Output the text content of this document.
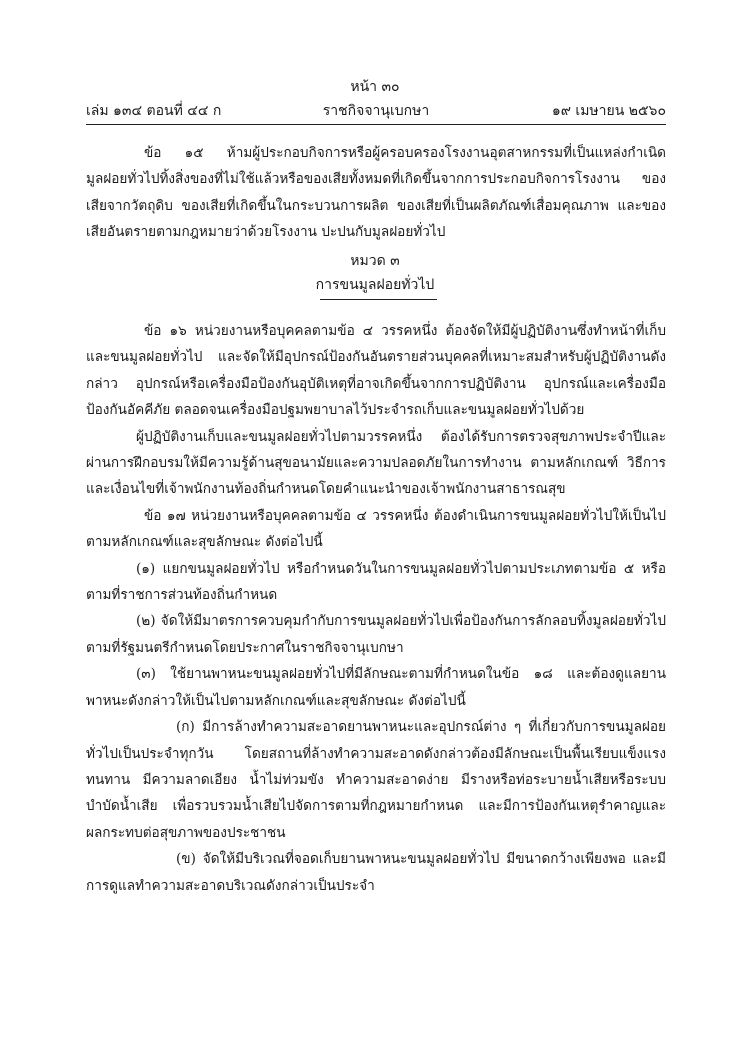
หน้า ๓๐
ราชกิจจานุเบกษา
เล่ม ๑๓๔ ตอนที่ ๔๔ ก	๑๙ เมษายน ๒๕๖๐

ข้อ ๑๕ ห้ามผู้ประกอบกิจการหรือผู้ครอบครองโรงงานอุตสาหกรรมที่เป็นแหล่งกำเนิดมูลฝอยทั่วไปทิ้งสิ่งของที่ไม่ใช้แล้วหรือของเสียทั้งหมดที่เกิดขึ้นจากการประกอบกิจการโรงงาน ของเสียจากวัตถุดิบ ของเสียที่เกิดขึ้นในกระบวนการผลิต ของเสียที่เป็นผลิตภัณฑ์เสื่อมคุณภาพ และของเสียอันตรายตามกฎหมายว่าด้วยโรงงาน ปะปนกับมูลฝอยทั่วไป

หมวด ๓
การขนมูลฝอยทั่วไป

ข้อ ๑๖ หน่วยงานหรือบุคคลตามข้อ ๔ วรรคหนึ่ง ต้องจัดให้มีผู้ปฏิบัติงานซึ่งทำหน้าที่เก็บและขนมูลฝอยทั่วไป และจัดให้มีอุปกรณ์ป้องกันอันตรายส่วนบุคคลที่เหมาะสมสำหรับผู้ปฏิบัติงานดังกล่าว อุปกรณ์หรือเครื่องมือป้องกันอุบัติเหตุที่อาจเกิดขึ้นจากการปฏิบัติงาน อุปกรณ์และเครื่องมือป้องกันอัคคีภัย ตลอดจนเครื่องมือปฐมพยาบาลไว้ประจำรถเก็บและขนมูลฝอยทั่วไปด้วย

ผู้ปฏิบัติงานเก็บและขนมูลฝอยทั่วไปตามวรรคหนึ่ง ต้องได้รับการตรวจสุขภาพประจำปีและผ่านการฝึกอบรมให้มีความรู้ด้านสุขอนามัยและความปลอดภัยในการทำงาน ตามหลักเกณฑ์ วิธีการและเงื่อนไขที่เจ้าพนักงานท้องถิ่นกำหนดโดยคำแนะนำของเจ้าพนักงานสาธารณสุข

ข้อ ๑๗ หน่วยงานหรือบุคคลตามข้อ ๔ วรรคหนึ่ง ต้องดำเนินการขนมูลฝอยทั่วไปให้เป็นไปตามหลักเกณฑ์และสุขลักษณะ ดังต่อไปนี้

(๑) แยกขนมูลฝอยทั่วไป หรือกำหนดวันในการขนมูลฝอยทั่วไปตามประเภทตามข้อ ๕ หรือตามที่ราชการส่วนท้องถิ่นกำหนด

(๒) จัดให้มีมาตรการควบคุมกำกับการขนมูลฝอยทั่วไปเพื่อป้องกันการลักลอบทิ้งมูลฝอยทั่วไปตามที่รัฐมนตรีกำหนดโดยประกาศในราชกิจจานุเบกษา

(๓) ใช้ยานพาหนะขนมูลฝอยทั่วไปที่มีลักษณะตามที่กำหนดในข้อ ๑๘ และต้องดูแลยานพาหนะดังกล่าวให้เป็นไปตามหลักเกณฑ์และสุขลักษณะ ดังต่อไปนี้

(ก) มีการล้างทำความสะอาดยานพาหนะและอุปกรณ์ต่าง ๆ ที่เกี่ยวกับการขนมูลฝอยทั่วไปเป็นประจำทุกวัน โดยสถานที่ล้างทำความสะอาดดังกล่าวต้องมีลักษณะเป็นพื้นเรียบแข็งแรง ทนทาน มีความลาดเอียง น้ำไม่ท่วมขัง ทำความสะอาดง่าย มีรางหรือท่อระบายน้ำเสียหรือระบบบำบัดน้ำเสีย เพื่อรวบรวมน้ำเสียไปจัดการตามที่กฎหมายกำหนด และมีการป้องกันเหตุรำคาญและผลกระทบต่อสุขภาพของประชาชน

(ข) จัดให้มีบริเวณที่จอดเก็บยานพาหนะขนมูลฝอยทั่วไป มีขนาดกว้างเพียงพอ และมีการดูแลทำความสะอาดบริเวณดังกล่าวเป็นประจำ
